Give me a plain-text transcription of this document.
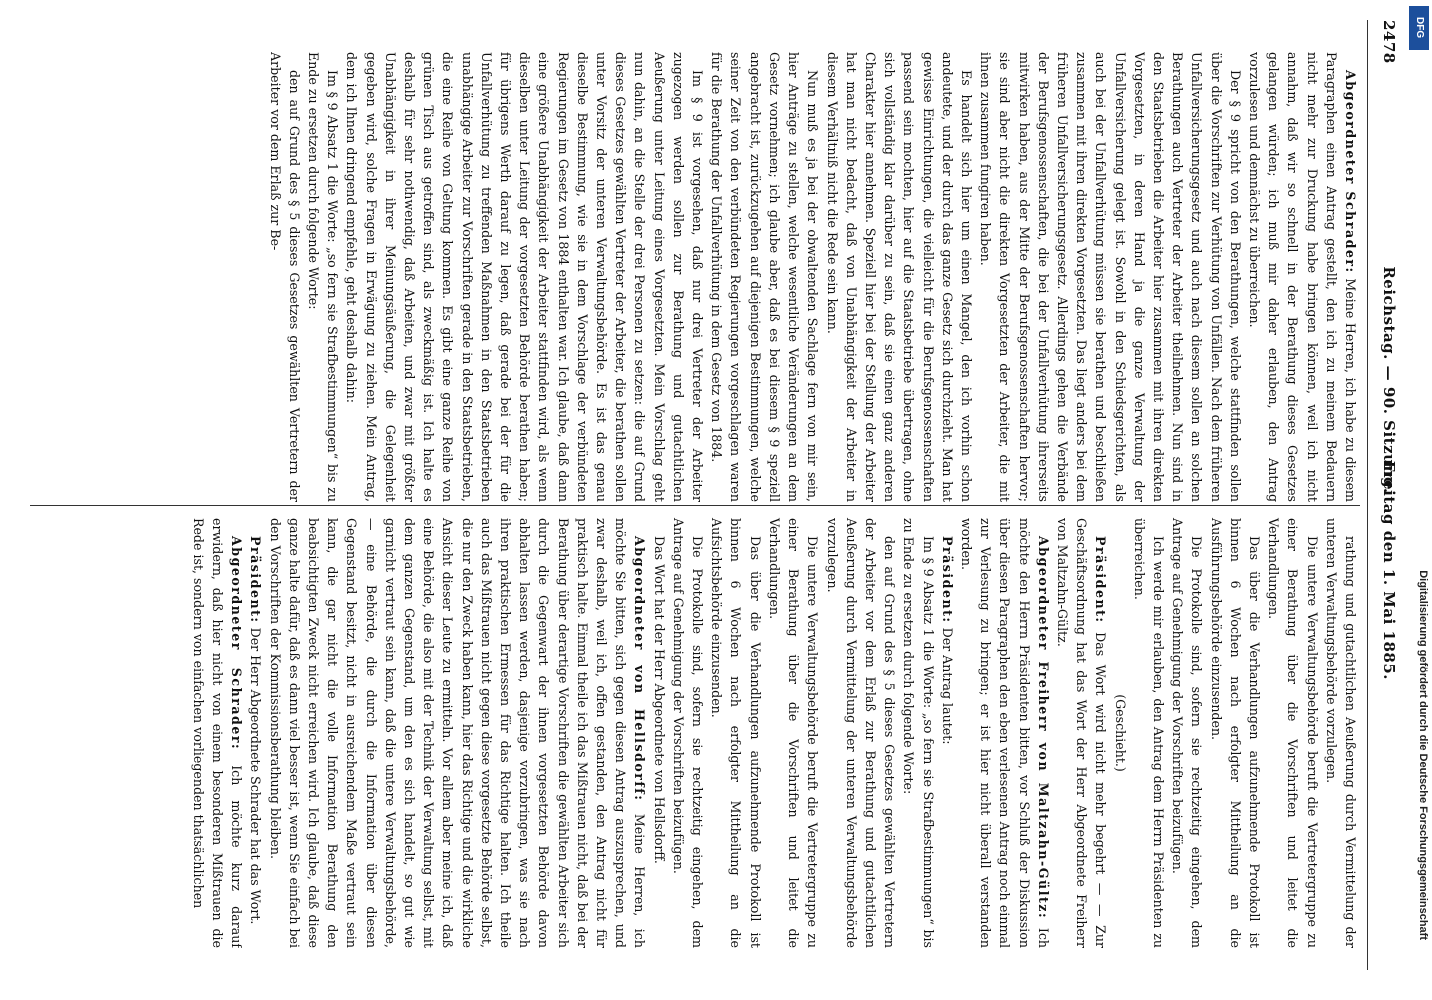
2478
Reichstag. — 90. Sitzung.
Freitag den 1. Mai 1885.

Abgeordneter Schrader: Meine Herren, ich habe zu diesem Paragraphen einen Antrag gestellt, den ich zu meinem Bedauern nicht mehr zur Druckung habe bringen können, weil ich nicht annahm, daß wir so schnell in der Berathung dieses Gesetzes gelangen würden; ich muß mir daher erlauben, den Antrag vorzulesen und demnächst zu überreichen.

Der § 9 spricht von den Berathungen, welche stattfinden sollen über die Vorschriften zur Verhütung von Unfällen. Nach dem früheren Unfallversicherungsgesetz und auch nach diesem sollen an solchen Berathungen auch Vertreter der Arbeiter theilnehmen. Nun sind in den Staatsbetrieben die Arbeiter hier zusammen mit ihren direkten Vorgesetzten, in deren Hand ja die ganze Verwaltung der Unfallversicherung gelegt ist. Sowohl in den Schiedsgerichten, als auch bei der Unfallverhütung müssen sie berathen und beschließen zusammen mit ihren direkten Vorgesetzten. Das liegt anders bei dem früheren Unfallversicherungsgesetz. Allerdings gehen die Verbände der Berufsgenossenschaften, die bei der Unfallverhütung ihrerseits mitwirken haben, aus der Mitte der Berufsgenossenschaften hervor; sie sind aber nicht die direkten Vorgesetzten der Arbeiter, die mit ihnen zusammen fungiren haben.

Es handelt sich hier um einen Mangel, den ich vorhin schon andeutete, und der durch das ganze Gesetz sich durchzieht. Man hat gewisse Einrichtungen, die vielleicht für die Berufsgenossenschaften passend sein mochten, hier auf die Staatsbetriebe übertragen, ohne sich vollständig klar darüber zu sein, daß sie einen ganz anderen Charakter hier annehmen. Speziell hier bei der Stellung der Arbeiter hat man nicht bedacht, daß von Unabhängigkeit der Arbeiter in diesem Verhältniß nicht die Rede sein kann.

Nun muß es ja bei der obwaltenden Sachlage fern von mir sein, hier Anträge zu stellen, welche wesentliche Veränderungen an dem Gesetz vornehmen; ich glaube aber, daß es bei diesem § 9 speziell angebracht ist, zurückzugehen auf diejenigen Bestimmungen, welche seiner Zeit von den verbündeten Regierungen vorgeschlagen waren für die Berathung der Unfallverhütung in dem Gesetz von 1884.

Im § 9 ist vorgesehen, daß nur drei Vertreter der Arbeiter zugezogen werden sollen zur Berathung und gutachtlichen Aeußerung unter Leitung eines Vorgesetzten. Mein Vorschlag geht nun dahin, an die Stelle der drei Personen zu setzen: die auf Grund dieses Gesetzes gewählten Vertreter der Arbeiter, die berathen sollen unter Vorsitz der unteren Verwaltungsbehörde. Es ist das genau dieselbe Bestimmung, wie sie in dem Vorschlage der verbündeten Regierungen im Gesetz von 1884 enthalten war. Ich glaube, daß dann eine größere Unabhängigkeit der Arbeiter stattfinden wird, als wenn dieselben unter Leitung der vorgesetzten Behörde berathen haben; für übrigens Werth darauf zu legen, daß gerade bei der für die Unfallverhütung zu treffenden Maßnahmen in den Staatsbetrieben unabhängige Arbeiter zur Vorschriften gerade in den Staatsbetrieben, die eine Reihe von Geltung kommen. Es gibt eine ganze Reihe von grünen Tisch aus getroffen sind, als zweckmäßig ist. Ich halte es deshalb für sehr nothwendig, daß Arbeiten, und zwar mit größter Unabhängigkeit in ihrer Meinungsäußerung, die Gelegenheit gegeben wird, solche Fragen in Erwägung zu ziehen. Mein Antrag, dem ich Ihnen dringend empfehle, geht deshalb dahin:

Im § 9 Absatz 1 die Worte: „so fern sie Strafbestimmungen“ bis zu Ende zu ersetzen durch folgende Worte:

den auf Grund des § 5 dieses Gesetzes gewählten Vertretern der Arbeiter vor dem Erlaß zur Be-

rathung und gutachtlichen Aeußerung durch Vermittelung der unteren Verwaltungsbehörde vorzulegen.

Die untere Verwaltungsbehörde beruft die Vertretergruppe zu einer Berathung über die Vorschriften und leitet die Verhandlungen.

Das über die Verhandlungen aufzunehmende Protokoll ist binnen 6 Wochen nach erfolgter Mittheilung an die Ausführungsbehörde einzusenden.

Die Protokolle sind, sofern sie rechtzeitig eingehen, dem Antrage auf Genehmigung der Vorschriften beizufügen.

Ich werde mir erlauben, den Antrag dem Herrn Präsidenten zu überreichen.

(Geschieht.)

Präsident: Das Wort wird nicht mehr begehrt — — Zur Geschäftsordnung hat das Wort der Herr Abgeordnete Freiherr von Maltzahn-Gültz.

Abgeordneter Freiherr von Maltzahn-Gültz: Ich möchte den Herrn Präsidenten bitten, vor Schluß der Diskussion über diesen Paragraphen den eben verlesenen Antrag noch einmal zur Verlesung zu bringen; er ist hier nicht überall verstanden worden.

Präsident: Der Antrag lautet:

Im § 9 Absatz 1 die Worte: „so fern sie Strafbestimmungen“ bis zu Ende zu ersetzen durch folgende Worte:

den auf Grund des § 5 dieses Gesetzes gewählten Vertretern der Arbeiter vor dem Erlaß zur Berathung und gutachtlichen Aeußerung durch Vermittelung der unteren Verwaltungsbehörde vorzulegen.

Die untere Verwaltungsbehörde beruft die Vertretergruppe zu einer Berathung über die Vorschriften und leitet die Verhandlungen.

Das über die Verhandlungen aufzunehmende Protokoll ist binnen 6 Wochen nach erfolgter Mittheilung an die Aufsichtsbehörde einzusenden.

Die Protokolle sind, sofern sie rechtzeitig eingehen, dem Antrage auf Genehmigung der Vorschriften beizufügen.

Das Wort hat der Herr Abgeordnete von Hellsdorff.

Abgeordneter von Hellsdorff: Meine Herren, ich möchte Sie bitten, sich gegen diesen Antrag auszusprechen, und zwar deshalb, weil ich, offen gestanden, den Antrag nicht für praktisch halte. Einmal theile ich das Mißtrauen nicht, daß bei der Berathung über derartige Vorschriften die gewählten Arbeiter sich durch die Gegenwart der ihnen vorgesetzten Behörde davon abhalten lassen werden, dasjenige vorzubringen, was sie nach ihren praktischen Ermessen für das Richtige halten. Ich theile auch das Mißtrauen nicht gegen diese vorgesetzte Behörde selbst, die nur den Zweck haben kann, hier das Richtige und die wirkliche Ansicht dieser Leute zu ermitteln. Vor allem aber meine ich, daß eine Behörde, die also mit der Technik der Verwaltung selbst, mit dem ganzen Gegenstand, um den es sich handelt, so gut wie garnicht vertraut sein kann, daß die untere Verwaltungsbehörde, — eine Behörde, die durch die Information über diesen Gegenstand besitzt, nicht in ausreichendem Maße vertraut sein kann, die gar nicht die volle Information Berathung den beabsichtigten Zweck nicht erreichen wird. Ich glaube, daß diese ganze halte dafür, daß es dann viel besser ist, wenn Sie einfach bei den Vorschriften der Kommissionsberathung bleiben.

Präsident: Der Herr Abgeordnete Schrader hat das Wort.

Abgeordneter Schrader: Ich möchte kurz darauf erwidern, daß hier nicht von einem besonderen Mißtrauen die Rede ist, sondern von einfachen vorliegenden thatsächlichen

DFG
Digitalisierung gefördert durch die Deutsche Forschungsgemeinschaft
